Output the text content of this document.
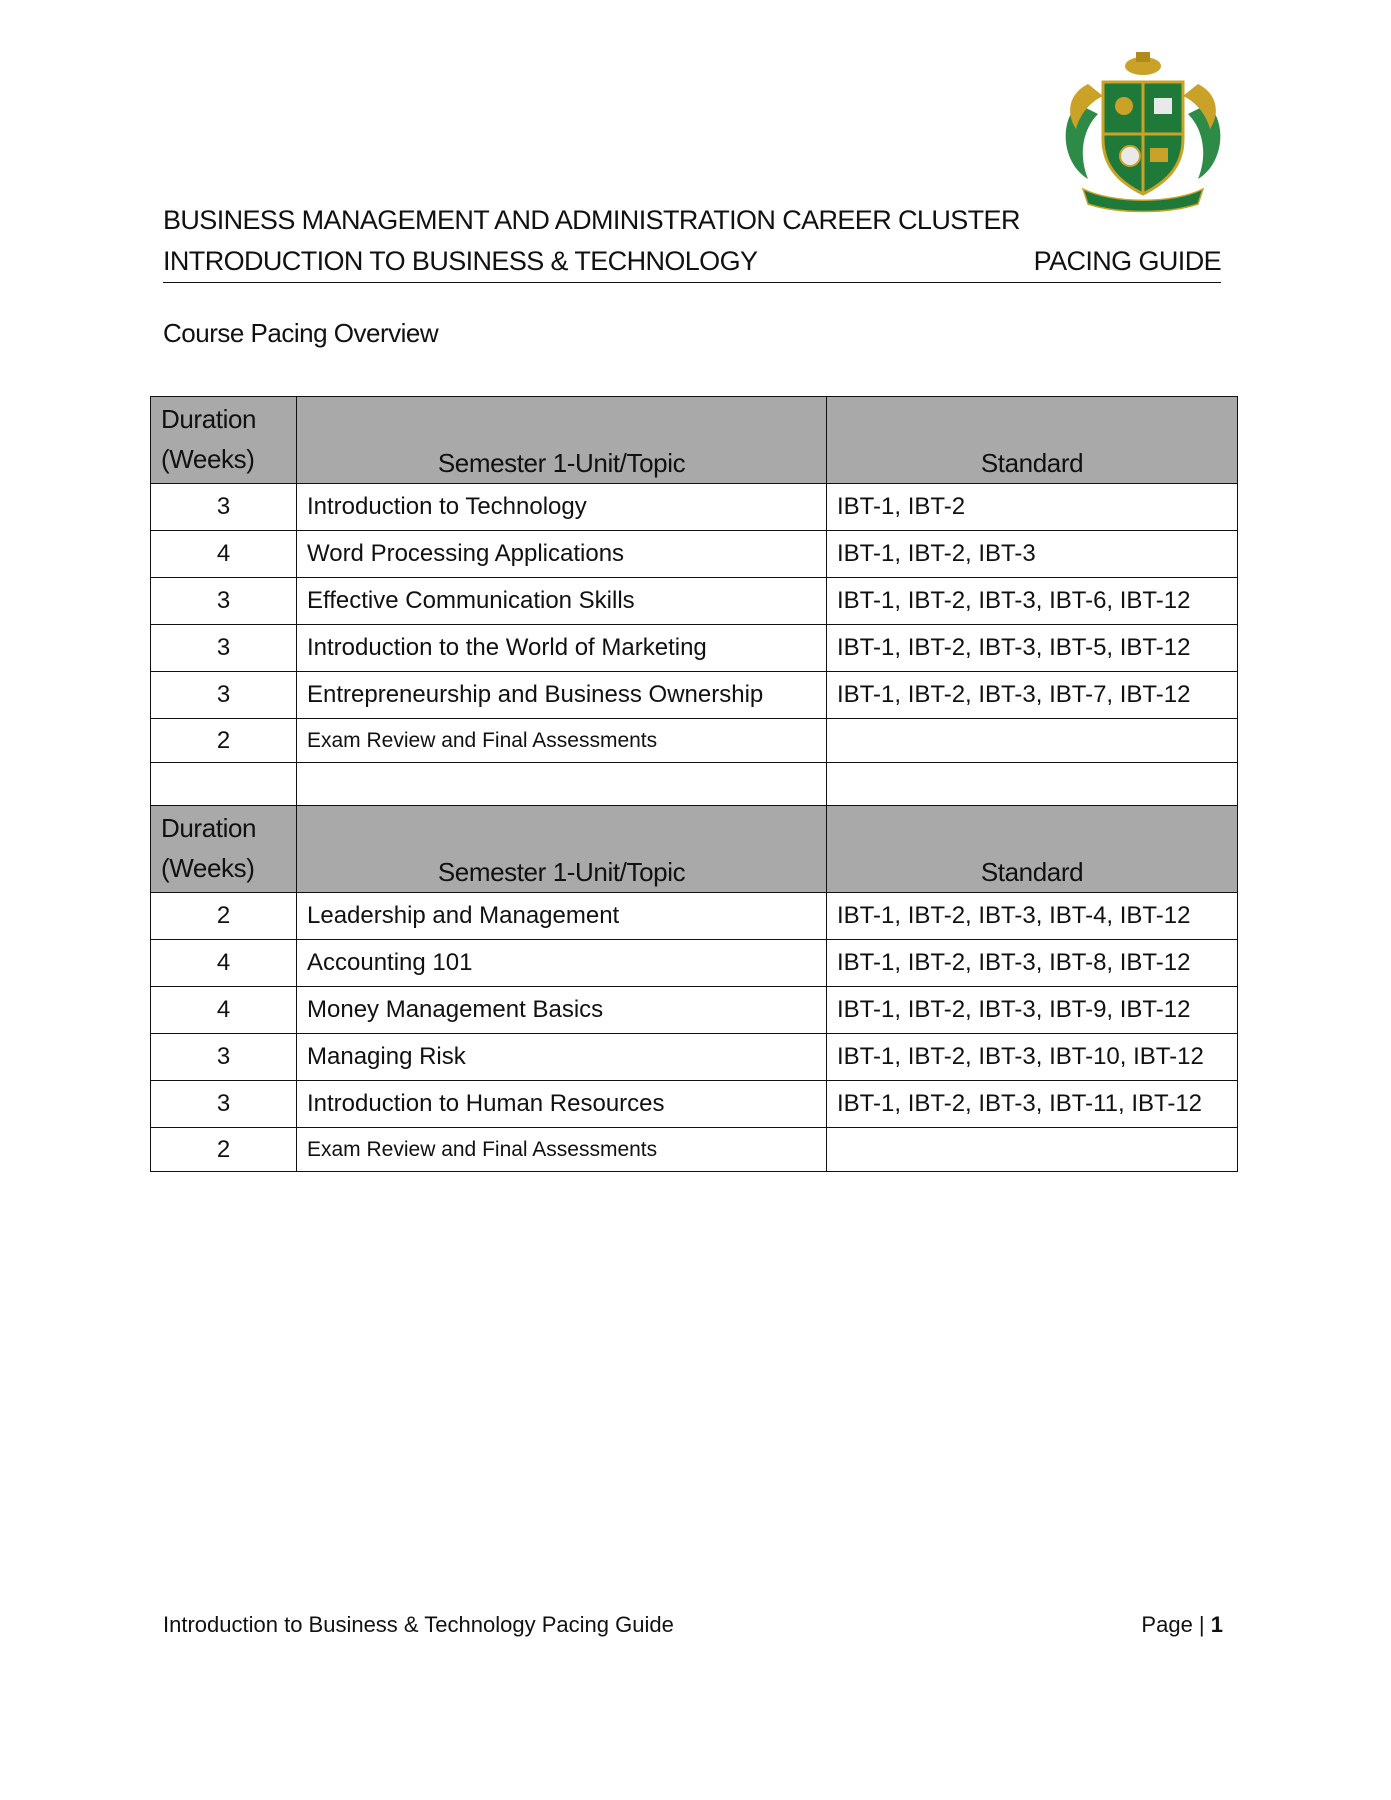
BUSINESS MANAGEMENT AND ADMINISTRATION CAREER CLUSTER
INTRODUCTION TO BUSINESS & TECHNOLOGY	PACING GUIDE
Course Pacing Overview
Duration
(Weeks)	Semester 1-Unit/Topic	Standard
3	Introduction to Technology	IBT-1, IBT-2
4	Word Processing Applications	IBT-1, IBT-2, IBT-3
3	Effective Communication Skills	IBT-1, IBT-2, IBT-3, IBT-6, IBT-12
3	Introduction to the World of Marketing	IBT-1, IBT-2, IBT-3, IBT-5, IBT-12
3	Entrepreneurship and Business Ownership	IBT-1, IBT-2, IBT-3, IBT-7, IBT-12
2	Exam Review and Final Assessments	

Duration
(Weeks)	Semester 1-Unit/Topic	Standard
2	Leadership and Management	IBT-1, IBT-2, IBT-3, IBT-4, IBT-12
4	Accounting 101	IBT-1, IBT-2, IBT-3, IBT-8, IBT-12
4	Money Management Basics	IBT-1, IBT-2, IBT-3, IBT-9, IBT-12
3	Managing Risk	IBT-1, IBT-2, IBT-3, IBT-10, IBT-12
3	Introduction to Human Resources	IBT-1, IBT-2, IBT-3, IBT-11, IBT-12
2	Exam Review and Final Assessments	
Introduction to Business & Technology Pacing Guide	Page | 1
